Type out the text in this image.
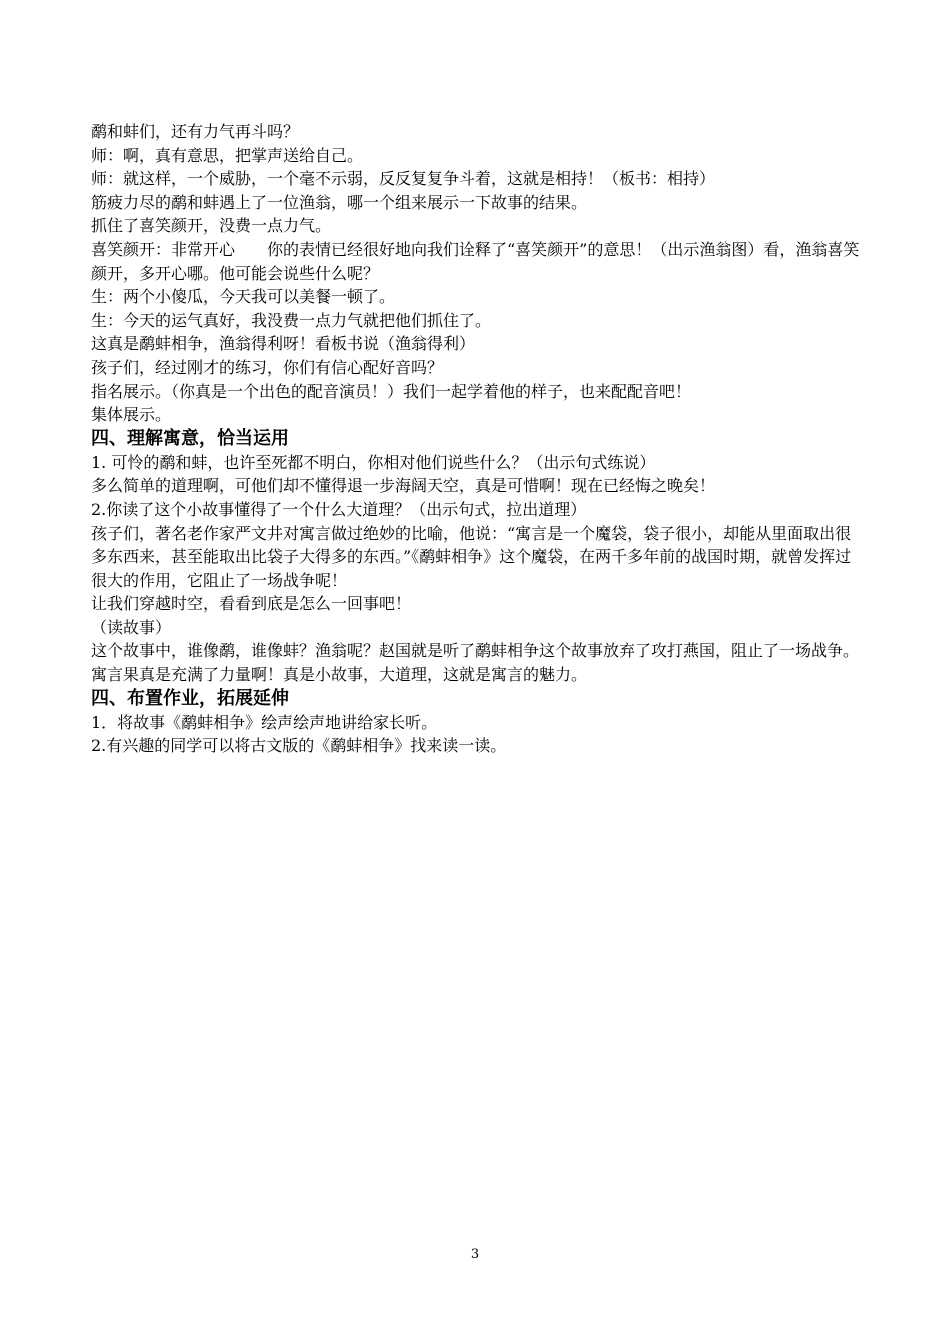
鹬和蚌们，还有力气再斗吗？
师：啊，真有意思，把掌声送给自己。
师：就这样，一个威胁，一个毫不示弱，反反复复争斗着，这就是相持！（板书：相持）
筋疲力尽的鹬和蚌遇上了一位渔翁，哪一个组来展示一下故事的结果。
抓住了喜笑颜开，没费一点力气。
喜笑颜开：非常开心　　你的表情已经很好地向我们诠释了“喜笑颜开”的意思！（出示渔翁图）看，渔翁喜笑颜开，多开心哪。他可能会说些什么呢？
生：两个小傻瓜，今天我可以美餐一顿了。
生：今天的运气真好，我没费一点力气就把他们抓住了。
这真是鹬蚌相争，渔翁得利呀！看板书说（渔翁得利）
孩子们，经过刚才的练习，你们有信心配好音吗？
指名展示。（你真是一个出色的配音演员！）我们一起学着他的样子，也来配配音吧！
集体展示。
四、理解寓意，恰当运用
1. 可怜的鹬和蚌，也许至死都不明白，你相对他们说些什么？（出示句式练说）
多么简单的道理啊，可他们却不懂得退一步海阔天空，真是可惜啊！现在已经悔之晚矣！
2.你读了这个小故事懂得了一个什么大道理？（出示句式，拉出道理）
孩子们，著名老作家严文井对寓言做过绝妙的比喻，他说：“寓言是一个魔袋，袋子很小，却能从里面取出很多东西来，甚至能取出比袋子大得多的东西。”《鹬蚌相争》这个魔袋，在两千多年前的战国时期，就曾发挥过很大的作用，它阻止了一场战争呢！
让我们穿越时空，看看到底是怎么一回事吧！
（读故事）
这个故事中，谁像鹬，谁像蚌？渔翁呢？赵国就是听了鹬蚌相争这个故事放弃了攻打燕国，阻止了一场战争。
寓言果真是充满了力量啊！真是小故事，大道理，这就是寓言的魅力。
四、布置作业，拓展延伸
1．将故事《鹬蚌相争》绘声绘声地讲给家长听。
2.有兴趣的同学可以将古文版的《鹬蚌相争》找来读一读。
3
